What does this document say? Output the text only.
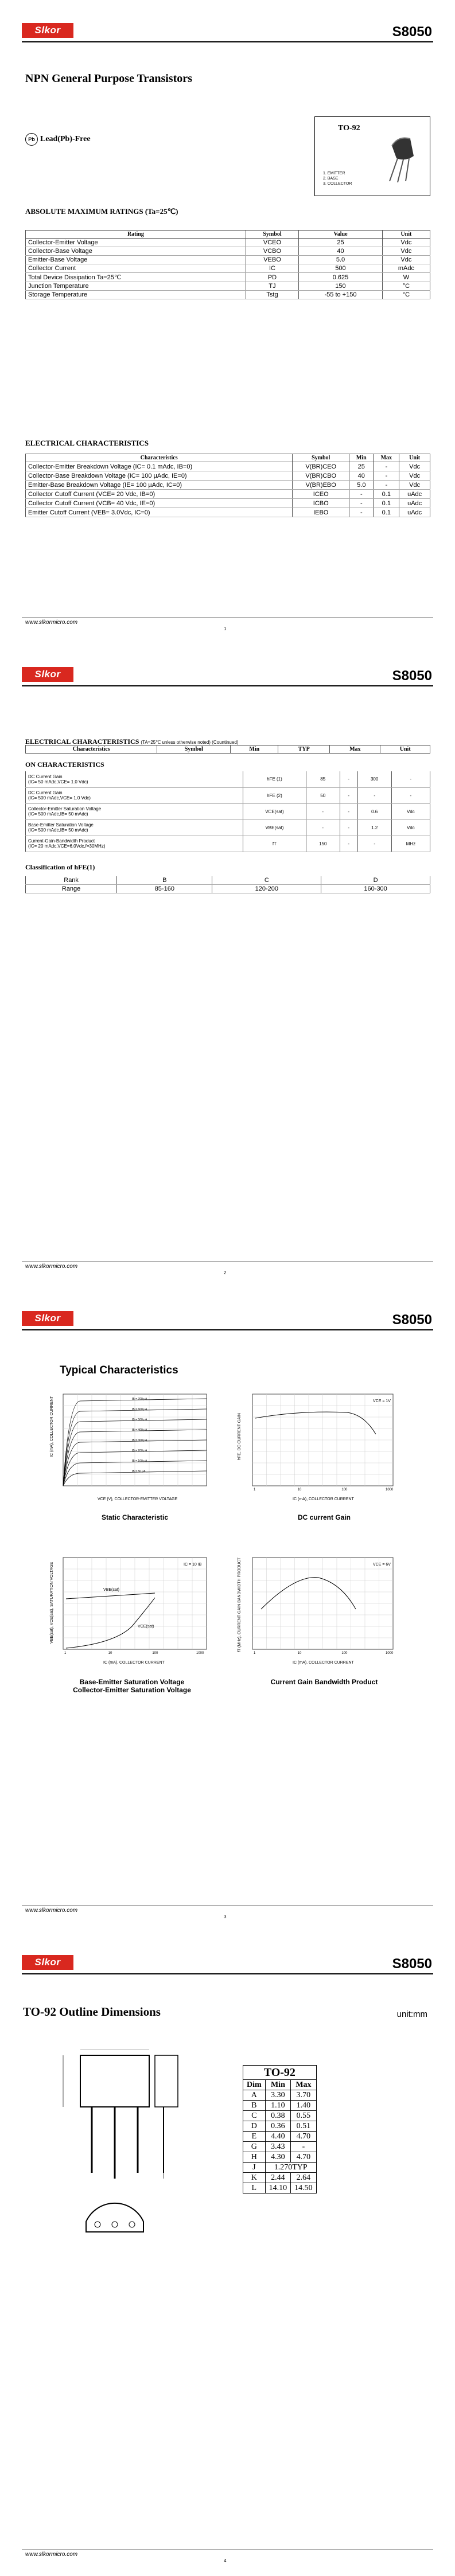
Slkor	S8050
NPN General Purpose Transistors
Pb Lead(Pb)-Free
TO-92
1. EMITTER
2. BASE
3. COLLECTOR
ABSOLUTE MAXIMUM RATINGS (Ta=25℃)
Rating	Symbol	Value	Unit
Collector-Emitter Voltage	VCEO	25	Vdc
Collector-Base Voltage	VCBO	40	Vdc
Emitter-Base Voltage	VEBO	5.0	Vdc
Collector Current	IC	500	mAdc
Total Device Dissipation Ta=25℃	PD	0.625	W
Junction Temperature	TJ	150	°C
Storage Temperature	Tstg	-55 to +150	°C
ELECTRICAL CHARACTERISTICS
Characteristics	Symbol	Min	Max	Unit
Collector-Emitter Breakdown Voltage (IC= 0.1 mAdc, IB=0)	V(BR)CEO	25	-	Vdc
Collector-Base Breakdown Voltage (IC= 100 µAdc, IE=0)	V(BR)CBO	40	-	Vdc
Emitter-Base Breakdown Voltage (IE= 100 µAdc, IC=0)	V(BR)EBO	5.0	-	Vdc
Collector Cutoff Current (VCE= 20 Vdc, IB=0)	ICEO	-	0.1	uAdc
Collector Cutoff Current (VCB= 40 Vdc, IE=0)	ICBO	-	0.1	uAdc
Emitter Cutoff Current (VEB= 3.0Vdc, IC=0)	IEBO	-	0.1	uAdc
www.slkormicro.com
1
Slkor	S8050
ELECTRICAL CHARACTERISTICS (TA=25℃ unless otherwise noted) (Countinued)
Characteristics	Symbol	Min	TYP	Max	Unit
ON CHARACTERISTICS
DC Current Gain
(IC= 50 mAdc,VCE= 1.0 Vdc)	hFE (1)	85	-	300	-

DC Current Gain
(IC= 500 mAdc,VCE= 1.0 Vdc)	hFE (2)	50	-	-	-

Collector-Emitter Saturation Voltage
(IC= 500 mAdc,IB= 50 mAdc)	VCE(sat)	-	-	0.6	Vdc

Base-Emitter Saturation Voltage
(IC= 500 mAdc,IB= 50 mAdc)	VBE(sat)	-	-	1.2	Vdc

Current-Gain-Bandwidth Product
(IC= 20 mAdc,VCE=6.0Vdc,f=30MHz)	fT	150	-	-	MHz
Classification of hFE(1)
Rank	B	C	D
Range	85-160	120-200	160-300
www.slkormicro.com
2
Slkor	S8050
Typical Characteristics
IC (mA), COLLECTOR CURRENT
VCE (V), COLLECTOR-EMITTER VOLTAGE
IB = 700 µA
IB = 600 µA
IB = 500 µA
IB = 400 µA
IB = 300 µA
IB = 200 µA
IB = 100 µA
IB = 50 µA
Static Characteristic
VCE = 1V
hFE, DC CURRENT GAIN
IC (mA), COLLECTOR CURRENT
1	10	100	1000
DC current Gain
IC = 10 IB
VBE(sat)
VCE(sat)
VBE(sat), VCE(sat), SATURATION VOLTAGE
IC (mA), COLLECTOR CURRENT
1	10	100	1000
Base-Emitter Saturation Voltage
Collector-Emitter Saturation Voltage
VCE = 6V
fT (MHz), CURRENT GAIN BANDWIDTH PRODUCT
IC (mA), COLLECTOR CURRENT
1	10	100	1000
Current Gain Bandwidth Product
www.slkormicro.com
3
Slkor	S8050
TO-92 Outline Dimensions	unit:mm
TO-92		
Dim	Min	Max
A	3.30	3.70
B	1.10	1.40
C	0.38	0.55
D	0.36	0.51
E	4.40	4.70
G	3.43	-
H	4.30	4.70
J	1.270TYP	
K	2.44	2.64
L	14.10	14.50
www.slkormicro.com
4
